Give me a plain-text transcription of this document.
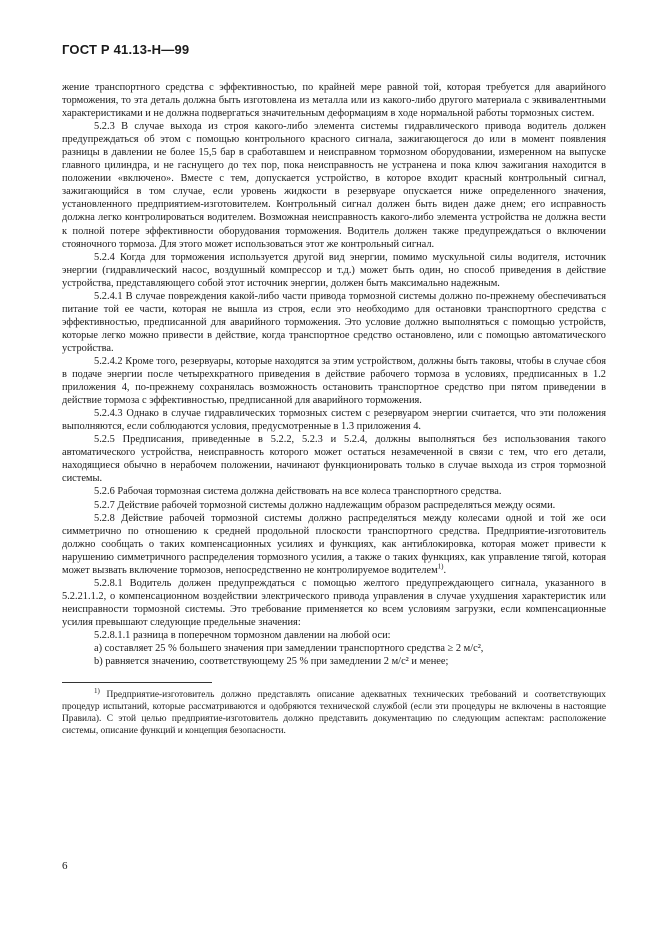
ГОСТ Р 41.13-Н—99

жение транспортного средства с эффективностью, по крайней мере равной той, которая требуется для аварийного торможения, то эта деталь должна быть изготовлена из металла или из какого-либо другого материала с эквивалентными характеристиками и не должна подвергаться значительным деформациям в ходе нормальной работы тормозных систем.

5.2.3 В случае выхода из строя какого-либо элемента системы гидравлического привода водитель должен предупреждаться об этом с помощью контрольного красного сигнала, зажигающегося до или в момент появления разницы в давлении не более 15,5 бар в сработавшем и неисправном тормозном оборудовании, измеренном на выпуске главного цилиндра, и не гаснущего до тех пор, пока неисправность не устранена и пока ключ зажигания находится в положении «включено». Вместе с тем, допускается устройство, в которое входит красный контрольный сигнал, зажигающийся в том случае, если уровень жидкости в резервуаре опускается ниже определенного значения, установленного предприятием-изготовителем. Контрольный сигнал должен быть виден даже днем; его исправность должна легко контролироваться водителем. Возможная неисправность какого-либо элемента устройства не должна вести к полной потере эффективности оборудования торможения. Водитель должен также предупреждаться о включении стояночного тормоза. Для этого может использоваться этот же контрольный сигнал.

5.2.4 Когда для торможения используется другой вид энергии, помимо мускульной силы водителя, источник энергии (гидравлический насос, воздушный компрессор и т.д.) может быть один, но способ приведения в действие устройства, представляющего собой этот источник энергии, должен быть максимально надежным.

5.2.4.1 В случае повреждения какой-либо части привода тормозной системы должно по-прежнему обеспечиваться питание той ее части, которая не вышла из строя, если это необходимо для остановки транспортного средства с эффективностью, предписанной для аварийного торможения. Это условие должно выполняться с помощью устройств, которые легко можно привести в действие, когда транспортное средство остановлено, или с помощью автоматического устройства.

5.2.4.2 Кроме того, резервуары, которые находятся за этим устройством, должны быть таковы, чтобы в случае сбоя в подаче энергии после четырехкратного приведения в действие рабочего тормоза в условиях, предписанных в 1.2 приложения 4, по-прежнему сохранялась возможность остановить транспортное средство при пятом приведении в действие тормоза с эффективностью, предписанной для аварийного торможения.

5.2.4.3 Однако в случае гидравлических тормозных систем с резервуаром энергии считается, что эти положения выполняются, если соблюдаются условия, предусмотренные в 1.3 приложения 4.

5.2.5 Предписания, приведенные в 5.2.2, 5.2.3 и 5.2.4, должны выполняться без использования такого автоматического устройства, неисправность которого может остаться незамеченной в связи с тем, что его детали, находящиеся обычно в нерабочем положении, начинают функционировать только в случае выхода из строя тормозной системы.

5.2.6 Рабочая тормозная система должна действовать на все колеса транспортного средства.

5.2.7 Действие рабочей тормозной системы должно надлежащим образом распределяться между осями.

5.2.8 Действие рабочей тормозной системы должно распределяться между колесами одной и той же оси симметрично по отношению к средней продольной плоскости транспортного средства. Предприятие-изготовитель должно сообщать о таких компенсационных усилиях и функциях, как антиблокировка, которая может привести к нарушению симметричного распределения тормозного усилия, а также о таких функциях, как управление тягой, которая может вызвать включение тормозов, непосредственно не контролируемое водителем$^{1)}$.

5.2.8.1 Водитель должен предупреждаться с помощью желтого предупреждающего сигнала, указанного в 5.2.21.1.2, о компенсационном воздействии электрического привода управления в случае ухудшения характеристик или неисправности тормозной системы. Это требование применяется ко всем условиям загрузки, если компенсационные усилия превышают следующие предельные значения:

5.2.8.1.1 разница в поперечном тормозном давлении на любой оси:

a) составляет 25 % большего значения при замедлении транспортного средства ≥ 2 м/с²,

b) равняется значению, соответствующему 25 % при замедлении 2 м/с² и менее;

$^{1)}$ Предприятие-изготовитель должно представлять описание адекватных технических требований и соответствующих процедур испытаний, которые рассматриваются и одобряются технической службой (если эти процедуры не включены в настоящие Правила). С этой целью предприятие-изготовитель должно представить документацию по следующим аспектам: расположение системы, описание функций и концепция безопасности.

6
